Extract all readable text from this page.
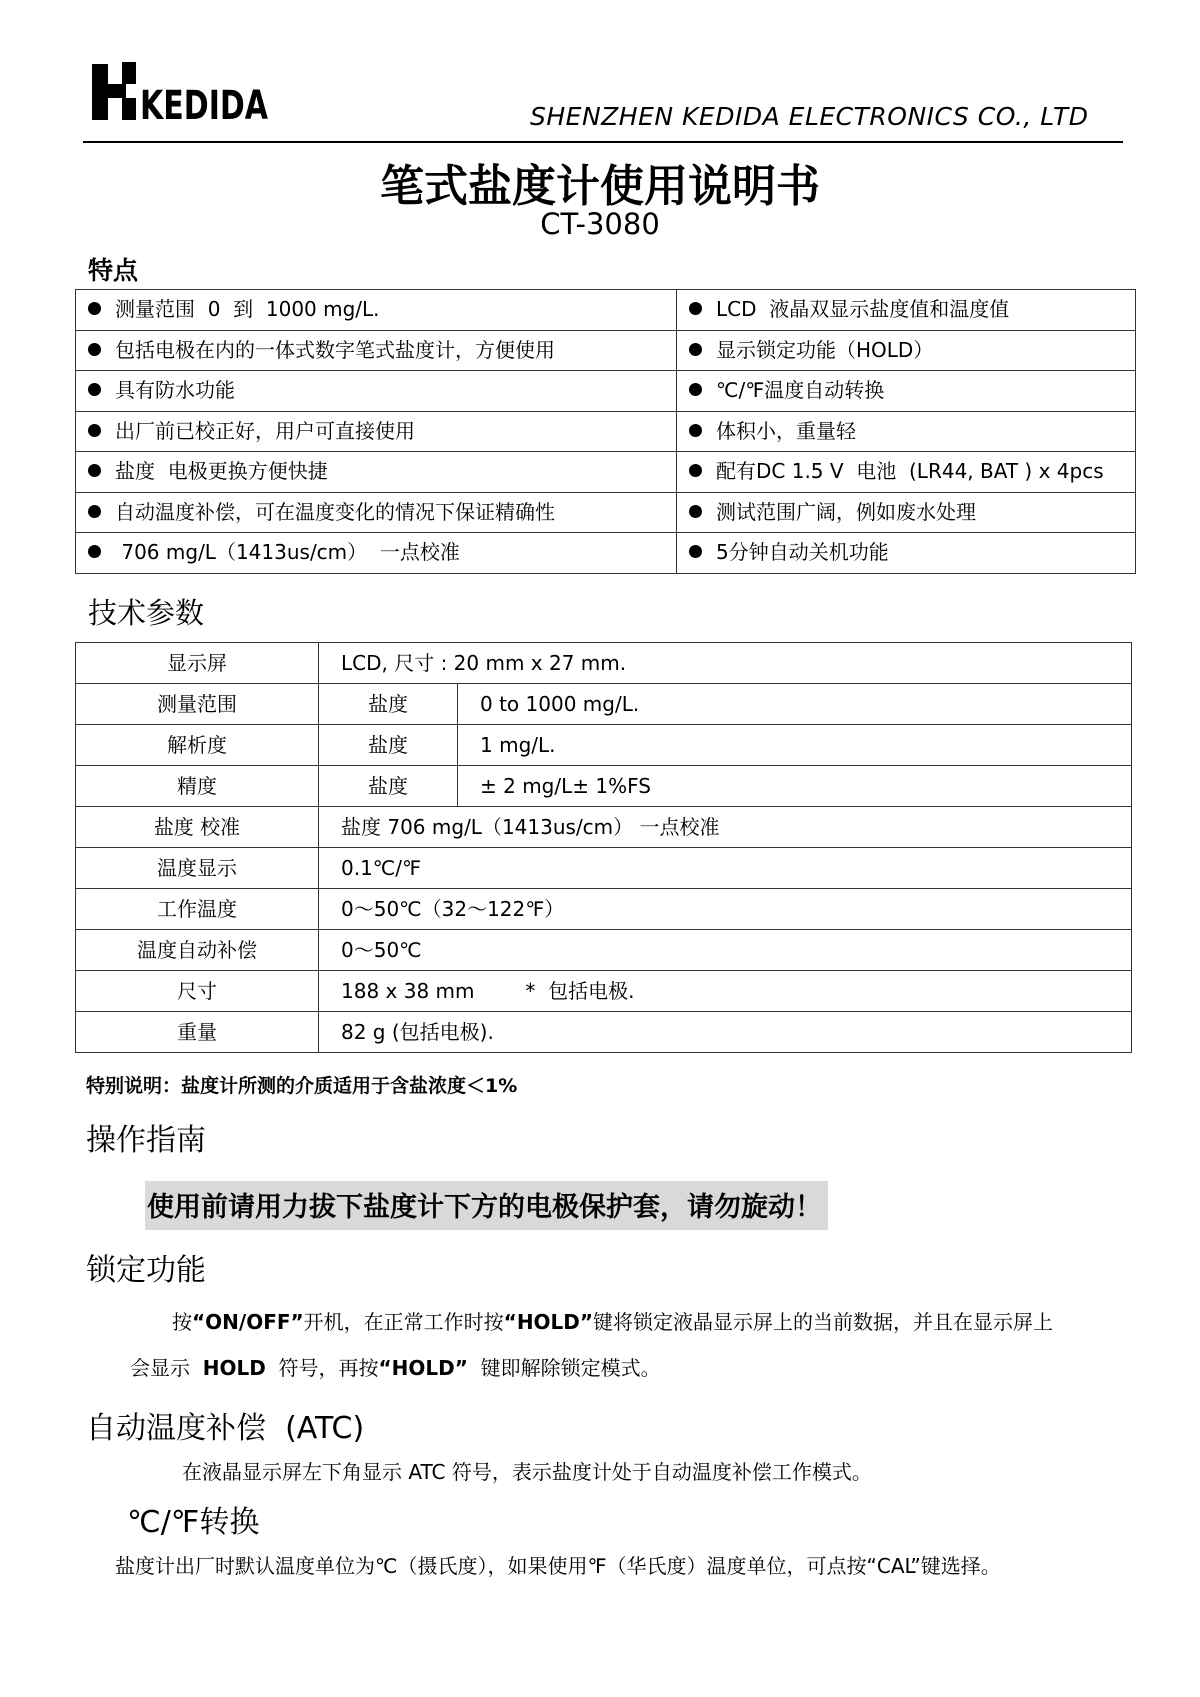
KEDIDA	SHENZHEN KEDIDA ELECTRONICS CO., LTD
笔式盐度计使用说明书
CT-3080
特点
测量范围  0  到  1000 mg/L.	LCD  液晶双显示盐度值和温度值
包括电极在内的一体式数字笔式盐度计，方便使用	显示锁定功能（HOLD）
具有防水功能	℃/℉温度自动转换
出厂前已校正好，用户可直接使用	体积小，重量轻
盐度  电极更换方便快捷	配有DC 1.5 V  电池  (LR44, BAT ) x 4pcs
自动温度补偿，可在温度变化的情况下保证精确性	测试范围广阔，例如废水处理
706 mg/L（1413us/cm）  一点校准	5分钟自动关机功能
技术参数
显示屏	LCD, 尺寸 : 20 mm x 27 mm.	
测量范围	盐度	0 to 1000 mg/L.
解析度	盐度	1 mg/L.
精度	盐度	± 2 mg/L± 1%FS
盐度 校准	盐度 706 mg/L（1413us/cm） 一点校准	
温度显示	0.1℃/℉	
工作温度	0～50℃（32～122℉）	
温度自动补偿	0～50℃	
尺寸	188 x 38 mm        *  包括电极.	
重量	82 g (包括电极).	
特别说明：盐度计所测的介质适用于含盐浓度＜1%
操作指南
使用前请用力拔下盐度计下方的电极保护套，请勿旋动！
锁定功能
按“ON/OFF”开机，在正常工作时按“HOLD”键将锁定液晶显示屏上的当前数据，并且在显示屏上
会显示  HOLD  符号，再按“HOLD”  键即解除锁定模式。
自动温度补偿  (ATC)
在液晶显示屏左下角显示 ATC 符号，表示盐度计处于自动温度补偿工作模式。
℃/℉转换
盐度计出厂时默认温度单位为℃（摄氏度），如果使用℉（华氏度）温度单位，可点按“CAL”键选择。
